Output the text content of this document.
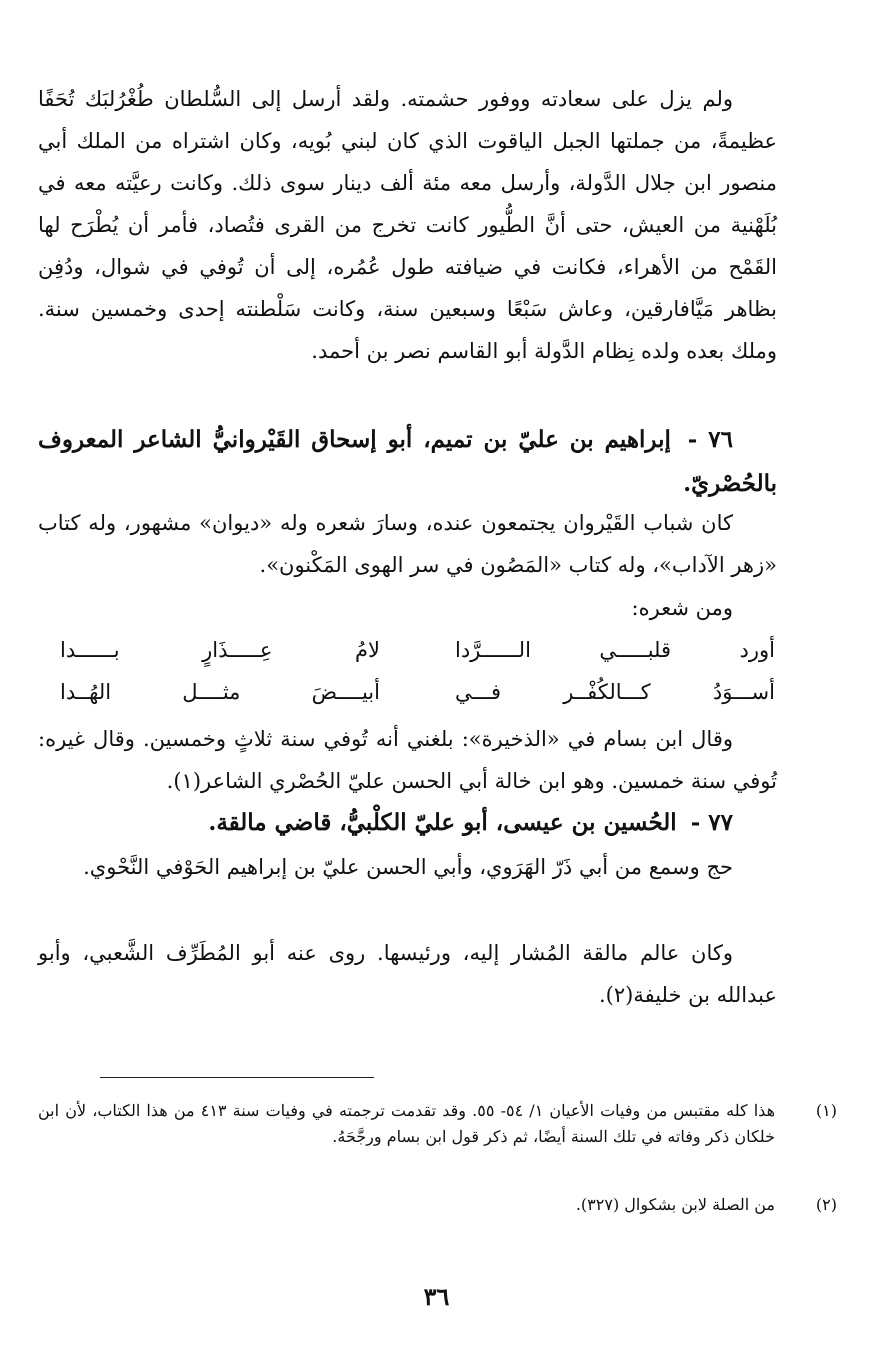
ولم يزل على سعادته ووفور حشمته. ولقد أرسل إلى السُّلطان طُغْرُلبَك تُحَفًا عظيمةً، من جملتها الجبل الياقوت الذي كان لبني بُويه، وكان اشتراه من الملك أبي منصور ابن جلال الدَّولة، وأرسل معه مئة ألف دينار سوى ذلك. وكانت رعيَّته معه في بُلَهْنية من العيش، حتى أنَّ الطُّيور كانت تخرج من القرى فتُصاد، فأمر أن يُطْرَح لها القَمْح من الأهراء، فكانت في ضيافته طول عُمُره، إلى أن تُوفي في شوال، ودُفِن بظاهر مَيَّافارقين، وعاش سَبْعًا وسبعين سنة، وكانت سَلْطنته إحدى وخمسين سنة. وملك بعده ولده نِظام الدَّولة أبو القاسم نصر بن أحمد.

٧٦ - إبراهيم بن عليّ بن تميم، أبو إسحاق القَيْروانيُّ الشاعر المعروف بالحُصْريّ.

كان شباب القَيْروان يجتمعون عنده، وسارَ شعره وله «ديوان» مشهور، وله كتاب «زهر الآداب»، وله كتاب «المَصُون في سر الهوى المَكْنون».

ومن شعره:

أورد قلبـــــي الــــــرَّدا
لامُ عِـــــذَارٍ بــــــدا
أســـوَدُ كـــالكُفْــر فـــي
أبيــــضَ مثــــل الهُــدا

وقال ابن بسام في «الذخيرة»: بلغني أنه تُوفي سنة ثلاثٍ وخمسين. وقال غيره: تُوفي سنة خمسين. وهو ابن خالة أبي الحسن عليّ الحُصْري الشاعر(١).

٧٧ - الحُسين بن عيسى، أبو عليّ الكلْبيُّ، قاضي مالقة.

حج وسمع من أبي ذَرّ الهَرَوي، وأبي الحسن عليّ بن إبراهيم الحَوْفي النَّحْوي.

وكان عالم مالقة المُشار إليه، ورئيسها. روى عنه أبو المُطَرِّف الشَّعبي، وأبو عبدالله بن خليفة(٢).

(١)
هذا كله مقتبس من وفيات الأعيان ١/ ٥٤- ٥٥. وقد تقدمت ترجمته في وفيات سنة ٤١٣ من هذا الكتاب، لأن ابن خلكان ذكر وفاته في تلك السنة أيضًا، ثم ذكر قول ابن بسام ورجَّحَهُ.
(٢)
من الصلة لابن بشكوال (٣٢٧).
٣٦
